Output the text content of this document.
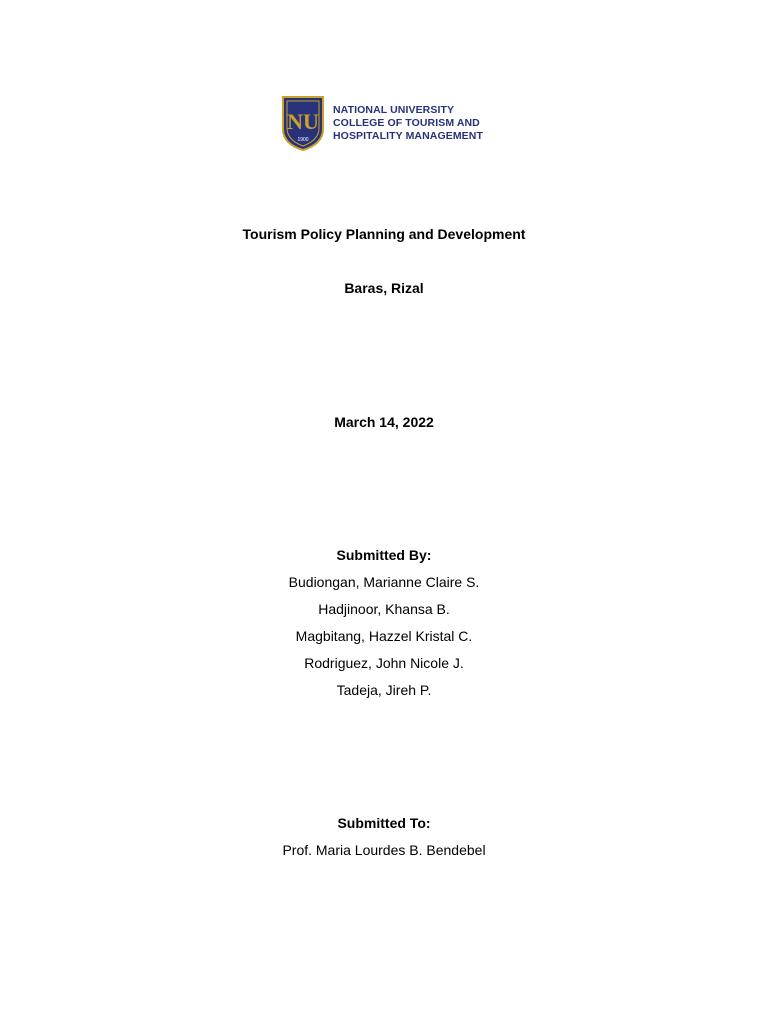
NU
1900
NATIONAL UNIVERSITY
COLLEGE OF TOURISM AND
HOSPITALITY MANAGEMENT
Tourism Policy Planning and Development
Baras, Rizal
March 14, 2022
Submitted By:
Budiongan, Marianne Claire S.
Hadjinoor, Khansa B.
Magbitang, Hazzel Kristal C.
Rodriguez, John Nicole J.
Tadeja, Jireh P.
Submitted To:
Prof. Maria Lourdes B. Bendebel
